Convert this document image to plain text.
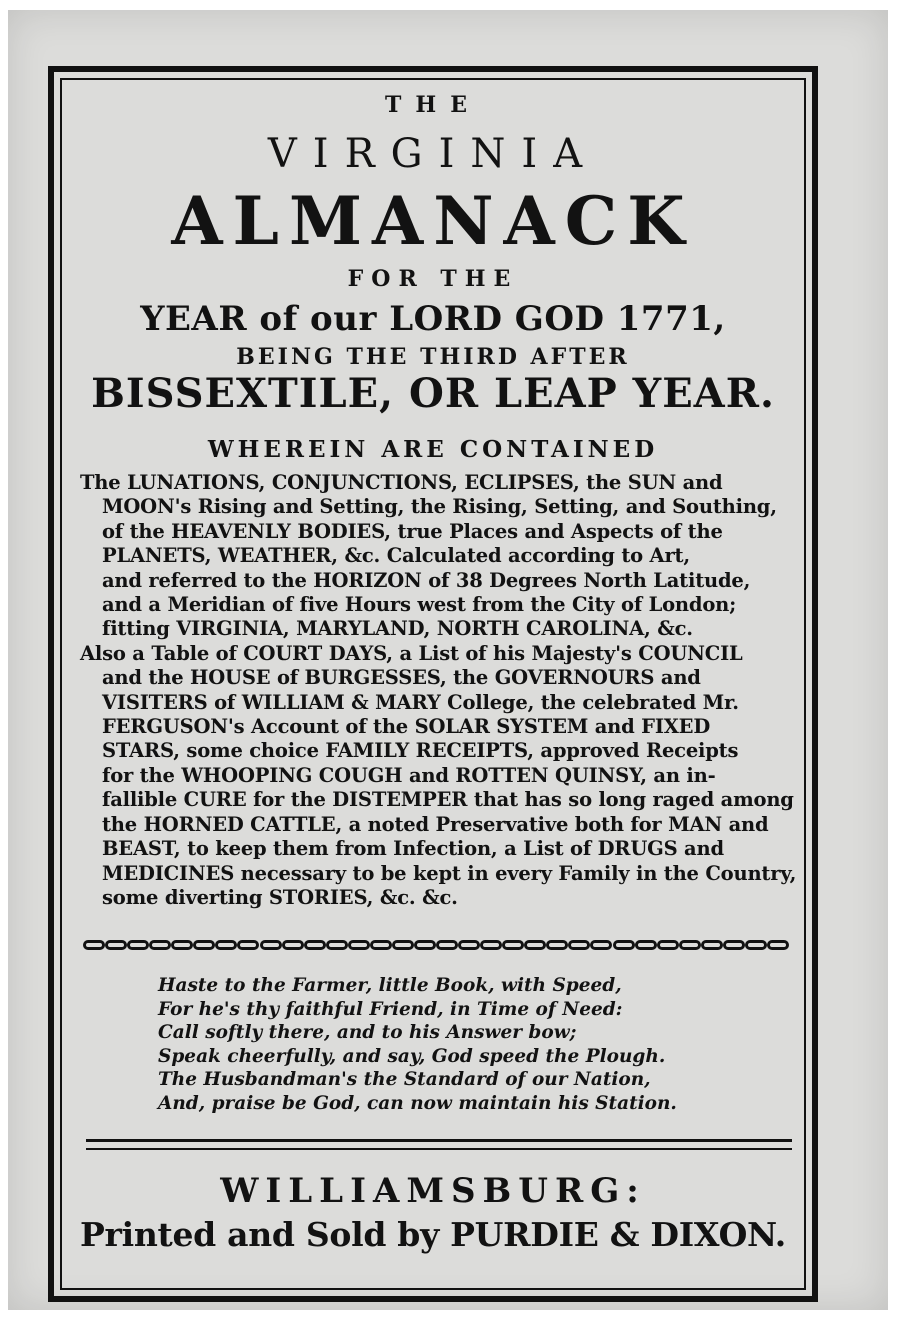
THE

VIRGINIA

ALMANACK

FOR THE

YEAR of our LORD GOD 1771,

BEING THE THIRD AFTER

BISSEXTILE, OR LEAP YEAR.

WHEREIN ARE CONTAINED

The LUNATIONS, CONJUNCTIONS, ECLIPSES, the SUN and

MOON's Rising and Setting, the Rising, Setting, and Southing,

of the HEAVENLY BODIES, true Places and Aspects of the

PLANETS, WEATHER, &c. Calculated according to Art,

and referred to the HORIZON of 38 Degrees North Latitude,

and a Meridian of five Hours west from the City of London;

fitting VIRGINIA, MARYLAND, NORTH CAROLINA, &c.

Also a Table of COURT DAYS, a List of his Majesty's COUNCIL

and the HOUSE of BURGESSES, the GOVERNOURS and

VISITERS of WILLIAM & MARY College, the celebrated Mr.

FERGUSON's Account of the SOLAR SYSTEM and FIXED

STARS, some choice FAMILY RECEIPTS, approved Receipts

for the WHOOPING COUGH and ROTTEN QUINSY, an in-

fallible CURE for the DISTEMPER that has so long raged among

the HORNED CATTLE, a noted Preservative both for MAN and

BEAST, to keep them from Infection, a List of DRUGS and

MEDICINES necessary to be kept in every Family in the Country,

some diverting STORIES, &c. &c.

Haste to the Farmer, little Book, with Speed,

For he's thy faithful Friend, in Time of Need:

Call softly there, and to his Answer bow;

Speak cheerfully, and say, God speed the Plough.

The Husbandman's the Standard of our Nation,

And, praise be God, can now maintain his Station.

WILLIAMSBURG:

Printed and Sold by PURDIE & DIXON.
